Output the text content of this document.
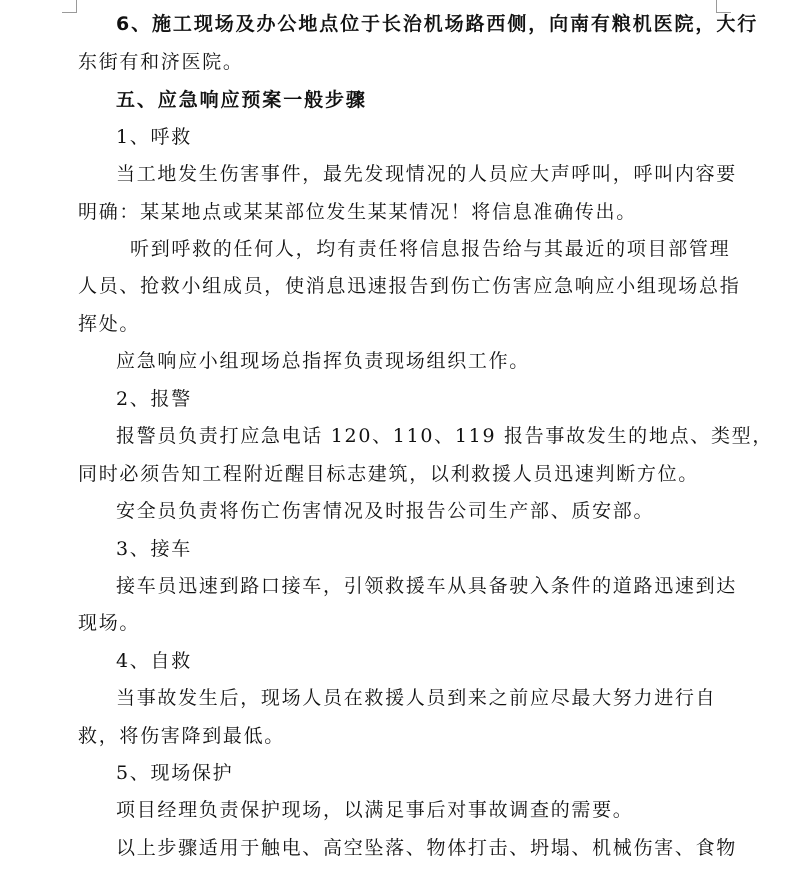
6、施工现场及办公地点位于长治机场路西侧，向南有粮机医院，大行
东街有和济医院。
五、应急响应预案一般步骤
1、呼救
当工地发生伤害事件，最先发现情况的人员应大声呼叫，呼叫内容要
明确：某某地点或某某部位发生某某情况！将信息准确传出。
听到呼救的任何人，均有责任将信息报告给与其最近的项目部管理
人员、抢救小组成员，使消息迅速报告到伤亡伤害应急响应小组现场总指
挥处。
应急响应小组现场总指挥负责现场组织工作。
2、报警
报警员负责打应急电话 120、110、119 报告事故发生的地点、类型，
同时必须告知工程附近醒目标志建筑，以利救援人员迅速判断方位。
安全员负责将伤亡伤害情况及时报告公司生产部、质安部。
3、接车
接车员迅速到路口接车，引领救援车从具备驶入条件的道路迅速到达
现场。
4、自救
当事故发生后，现场人员在救援人员到来之前应尽最大努力进行自
救，将伤害降到最低。
5、现场保护
项目经理负责保护现场，以满足事后对事故调查的需要。
以上步骤适用于触电、高空坠落、物体打击、坍塌、机械伤害、食物
